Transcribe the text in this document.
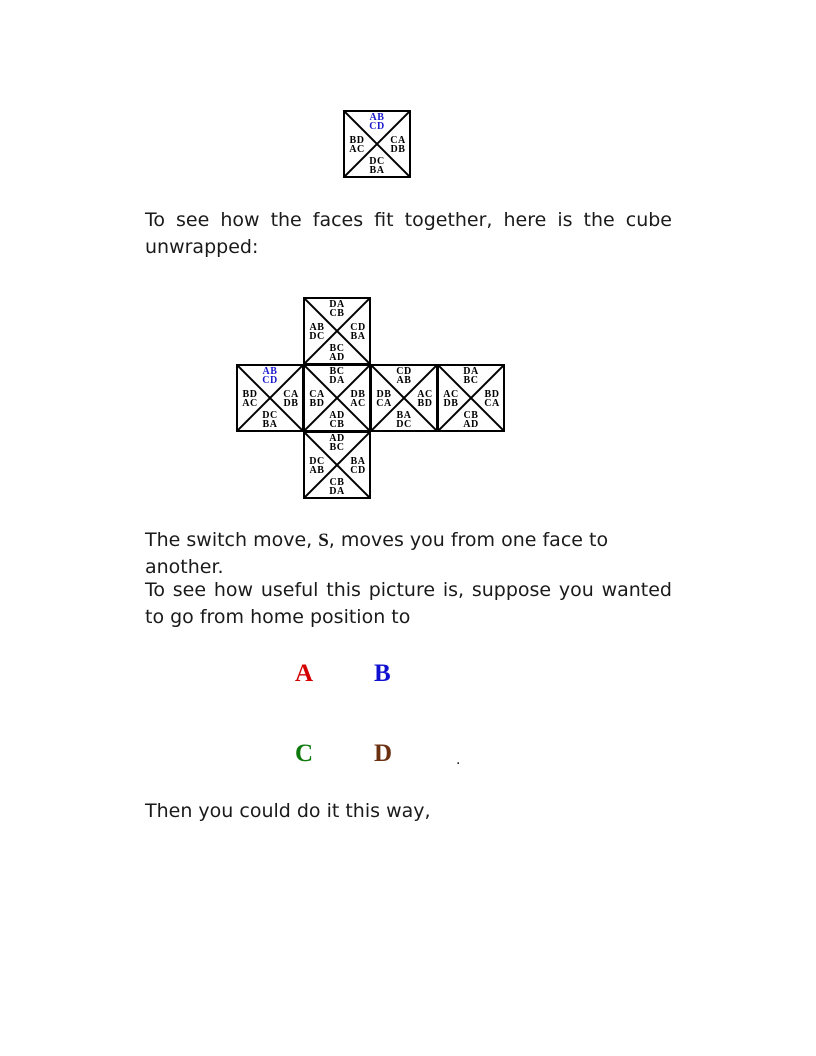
AB
CD
BD
AC
CA
DB
DC
BA

To see how the faces fit together, here is the cube unwrapped:

DA
CB
AB
DC
CD
BA
BC
AD
AB
CD
BD
AC
CA
DB
DC
BA
BC
DA
CA
BD
DB
AC
AD
CB
CD
AB
DB
CA
AC
BD
BA
DC
DA
BC
AC
DB
BD
CA
CB
AD
AD
BC
DC
AB
BA
CD
CB
DA

The switch move, S, moves you from one face to another.

To see how useful this picture is, suppose you wanted to go from home position to

A B
C D	.

Then you could do it this way,
